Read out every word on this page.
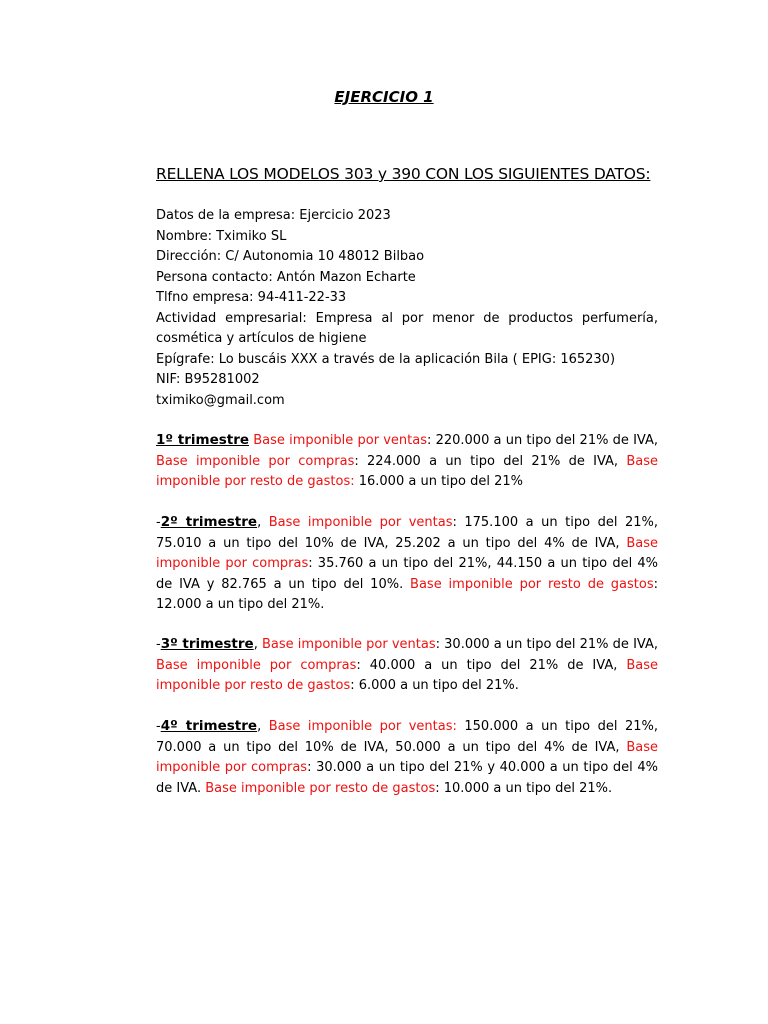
EJERCICIO 1
RELLENA LOS MODELOS 303 y 390 CON LOS SIGUIENTES DATOS:
Datos de la empresa: Ejercicio 2023
Nombre: Tximiko SL
Dirección: C/ Autonomia 10 48012 Bilbao
Persona contacto: Antón Mazon Echarte
Tlfno empresa: 94-411-22-33
Actividad empresarial: Empresa al por menor de productos perfumería, cosmética y artículos de higiene
Epígrafe: Lo buscáis XXX a través de la aplicación Bila ( EPIG: 165230)
NIF: B95281002
tximiko@gmail.com
1º trimestre Base imponible por ventas: 220.000 a un tipo del 21% de IVA, Base imponible por compras: 224.000 a un tipo del 21% de IVA, Base imponible por resto de gastos: 16.000 a un tipo del 21%
-2º trimestre, Base imponible por ventas: 175.100 a un tipo del 21%, 75.010 a un tipo del 10% de IVA, 25.202 a un tipo del 4% de IVA, Base imponible por compras: 35.760 a un tipo del 21%, 44.150 a un tipo del 4% de IVA y 82.765 a un tipo del 10%. Base imponible por resto de gastos: 12.000 a un tipo del 21%.
-3º trimestre, Base imponible por ventas: 30.000 a un tipo del 21% de IVA, Base imponible por compras: 40.000 a un tipo del 21% de IVA, Base imponible por resto de gastos: 6.000 a un tipo del 21%.
-4º trimestre, Base imponible por ventas: 150.000 a un tipo del 21%, 70.000 a un tipo del 10% de IVA, 50.000 a un tipo del 4% de IVA, Base imponible por compras: 30.000 a un tipo del 21% y 40.000 a un tipo del 4% de IVA. Base imponible por resto de gastos: 10.000 a un tipo del 21%.
